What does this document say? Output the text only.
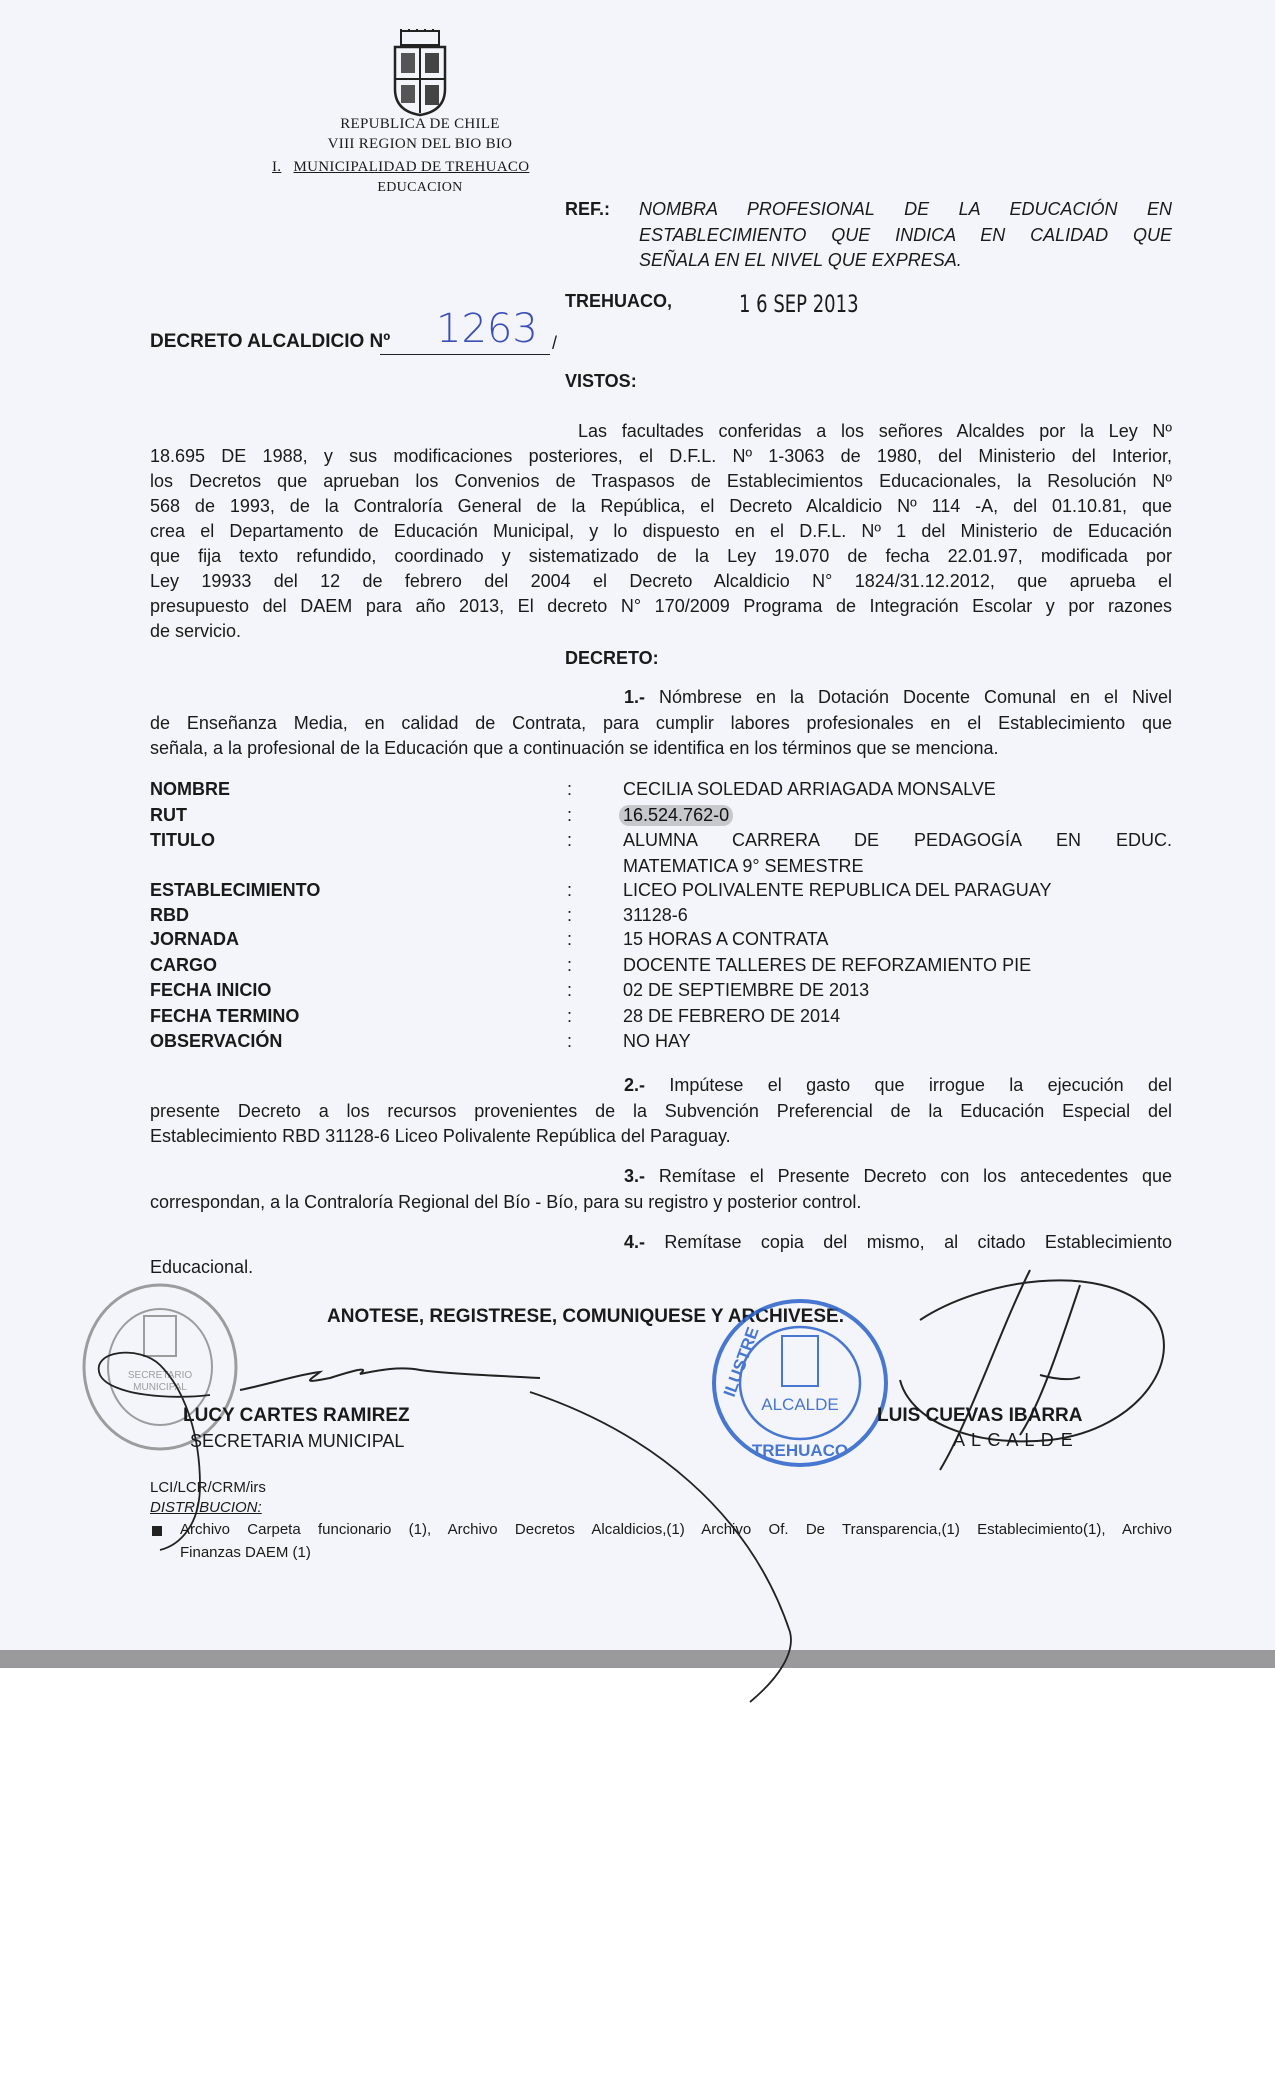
REPUBLICA DE CHILE
VIII REGION DEL BIO BIO
I. MUNICIPALIDAD DE TREHUACO
EDUCACION
REF.: NOMBRA PROFESIONAL DE LA EDUCACIÓN EN
ESTABLECIMIENTO QUE INDICA EN CALIDAD QUE
SEÑALA EN EL NIVEL QUE EXPRESA.
TREHUACO,	1 6 SEP 2013
DECRETO ALCALDICIO Nº 1263 /
VISTOS:
Las facultades conferidas a los señores Alcaldes por la Ley Nº
18.695 DE 1988, y sus modificaciones posteriores, el D.F.L. Nº 1-3063 de 1980, del Ministerio del Interior,
los Decretos que aprueban los Convenios de Traspasos de Establecimientos Educacionales, la Resolución Nº
568 de 1993, de la Contraloría General de la República, el Decreto Alcaldicio Nº 114 -A, del 01.10.81, que
crea el Departamento de Educación Municipal, y lo dispuesto en el D.F.L. Nº 1 del Ministerio de Educación
que fija texto refundido, coordinado y sistematizado de la Ley 19.070 de fecha 22.01.97, modificada por
Ley 19933 del 12 de febrero del 2004 el Decreto Alcaldicio N° 1824/31.12.2012, que aprueba el
presupuesto del DAEM para año 2013, El decreto N° 170/2009 Programa de Integración Escolar y por razones
de servicio.
DECRETO:
1.- Nómbrese en la Dotación Docente Comunal en el Nivel
de Enseñanza Media, en calidad de Contrata, para cumplir labores profesionales en el Establecimiento que
señala, a la profesional de la Educación que a continuación se identifica en los términos que se menciona.
NOMBRE	:	CECILIA SOLEDAD ARRIAGADA MONSALVE
RUT	:	16.524.762-0
TITULO	:	ALUMNA CARRERA DE PEDAGOGÍA EN EDUC.
MATEMATICA 9° SEMESTRE
ESTABLECIMIENTO	:	LICEO POLIVALENTE REPUBLICA DEL PARAGUAY
RBD	:	31128-6
JORNADA	:	15 HORAS A CONTRATA
CARGO	:	DOCENTE TALLERES DE REFORZAMIENTO PIE
FECHA INICIO	:	02 DE SEPTIEMBRE DE 2013
FECHA TERMINO	:	28 DE FEBRERO DE 2014
OBSERVACIÓN	:	NO HAY
2.- Impútese el gasto que irrogue la ejecución del
presente Decreto a los recursos provenientes de la Subvención Preferencial de la Educación Especial del
Establecimiento RBD 31128-6 Liceo Polivalente República del Paraguay.
3.- Remítase el Presente Decreto con los antecedentes que
correspondan, a la Contraloría Regional del Bío - Bío, para su registro y posterior control.
4.- Remítase copia del mismo, al citado Establecimiento
Educacional.
ANOTESE, REGISTRESE, COMUNIQUESE Y ARCHIVESE.
SECRETARIO
MUNICIPAL
ALCALDE
TREHUACO
ILUSTRE
LUCY CARTES RAMIREZ
SECRETARIA MUNICIPAL
LUIS CUEVAS IBARRA
A L C A L D E
LCI/LCR/CRM/irs
DISTRIBUCION:
Archivo Carpeta funcionario (1), Archivo Decretos Alcaldicios,(1) Archivo Of. De Transparencia,(1) Establecimiento(1), Archivo
Finanzas DAEM (1)
